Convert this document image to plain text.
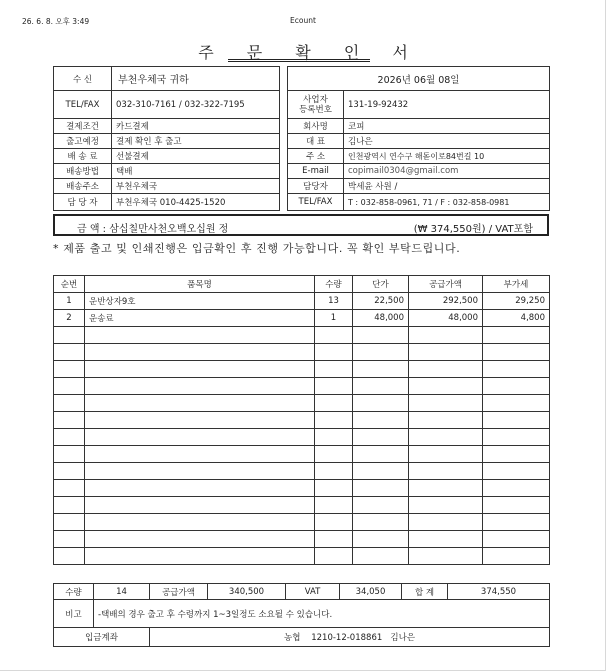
26. 6. 8. 오후 3:49	Ecount
주 문 확 인 서
수 신	부천우체국 귀하
TEL/FAX	032-310-7161 / 032-322-7195
결제조건	카드결제
출고예정	결제 확인 후 출고
배 송 료	선불결제
배송방법	택배
배송주소	부천우체국
담 당 자	부천우체국 010-4425-1520
2026년 06월 08일	
사업자
등록번호	131-19-92432
회사명	코피
대 표	김나은
주 소	인천광역시 연수구 해돋이로84번길 10
E-mail	copimail0304@gmail.com
담당자	박세윤 사원 /
TEL/FAX	T : 032-858-0961, 71 / F : 032-858-0981
금 액 : 삼십칠만사천오백오십원 정	(₩ 374,550원) / VAT포함
* 제품 출고 및 인쇄진행은 입금확인 후 진행 가능합니다. 꼭 확인 부탁드립니다.
순번	품목명	수량	단가	공급가액	부가세
1	운반상자9호	13	22,500	292,500	29,250
2	운송료	1	48,000	48,000	4,800

수량	14	공급가액	340,500	VAT	34,050	합 계	374,550
비고	-택배의 경우 출고 후 수령까지 1~3일정도 소요될 수 있습니다.						
입금계좌		농협    1210-12-018861   김나은					
